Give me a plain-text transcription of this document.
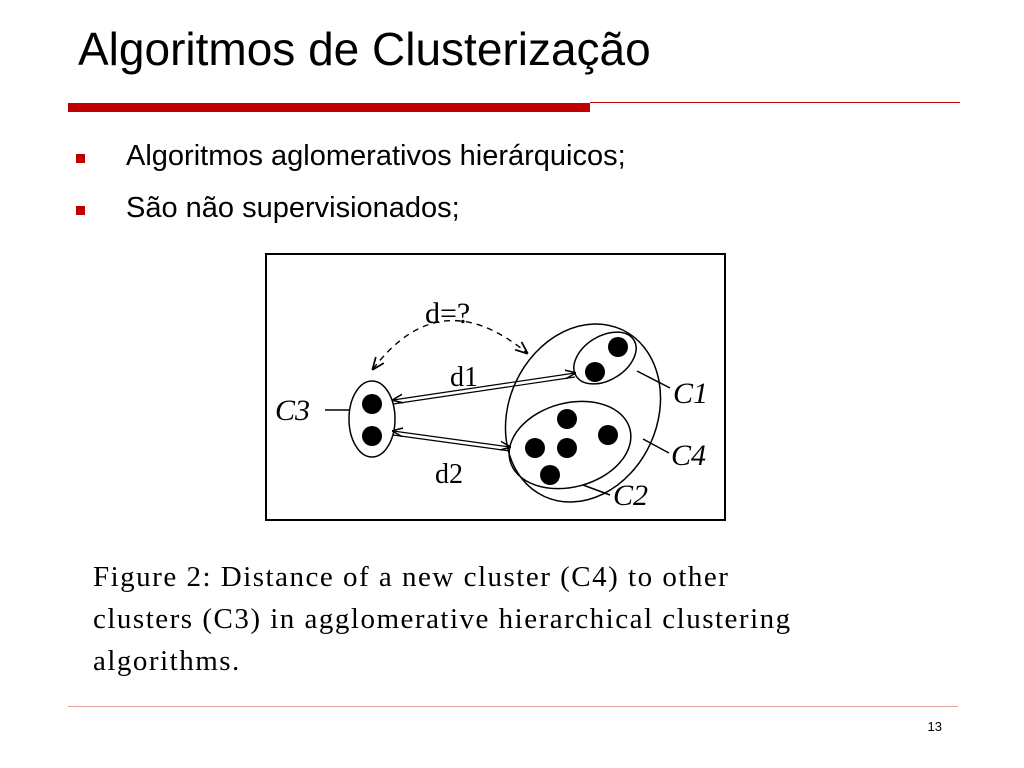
Algoritmos de Clusterização
Algoritmos aglomerativos hierárquicos;
São não supervisionados;
d=?
d1
d2
C3
C1
C2
C4

Figure 2: Distance of a new cluster (C4) to other

clusters (C3) in agglomerative hierarchical clustering

algorithms.

13
